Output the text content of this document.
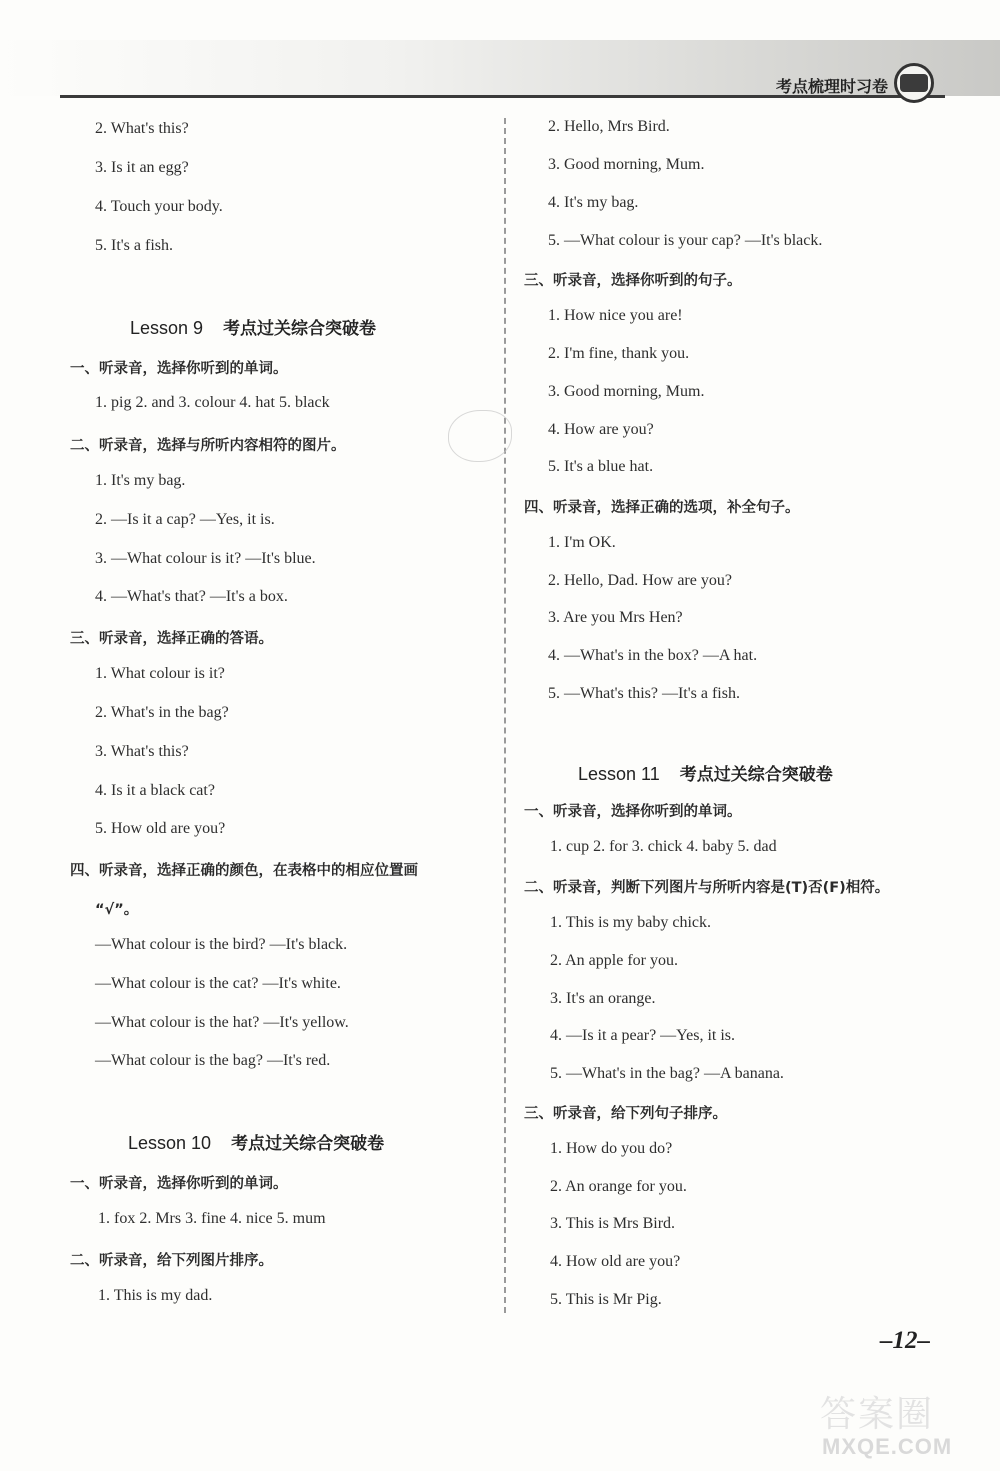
考点梳理时习卷
2. What's this?
3. Is it an egg?
4. Touch your body.
5. It's a fish.
Lesson 9 考点过关综合突破卷
一、听录音，选择你听到的单词。
1. pig 2. and 3. colour 4. hat 5. black
二、听录音，选择与所听内容相符的图片。
1. It's my bag.
2. —Is it a cap? —Yes, it is.
3. —What colour is it? —It's blue.
4. —What's that? —It's a box.
三、听录音，选择正确的答语。
1. What colour is it?
2. What's in the bag?
3. What's this?
4. Is it a black cat?
5. How old are you?
四、听录音，选择正确的颜色，在表格中的相应位置画
“√”。
—What colour is the bird? —It's black.
—What colour is the cat? —It's white.
—What colour is the hat? —It's yellow.
—What colour is the bag? —It's red.
Lesson 10 考点过关综合突破卷
一、听录音，选择你听到的单词。
1. fox 2. Mrs 3. fine 4. nice 5. mum
二、听录音，给下列图片排序。
1. This is my dad.
2. Hello, Mrs Bird.
3. Good morning, Mum.
4. It's my bag.
5. —What colour is your cap? —It's black.
三、听录音，选择你听到的句子。
1. How nice you are!
2. I'm fine, thank you.
3. Good morning, Mum.
4. How are you?
5. It's a blue hat.
四、听录音，选择正确的选项，补全句子。
1. I'm OK.
2. Hello, Dad. How are you?
3. Are you Mrs Hen?
4. —What's in the box? —A hat.
5. —What's this? —It's a fish.
Lesson 11 考点过关综合突破卷
一、听录音，选择你听到的单词。
1. cup 2. for 3. chick 4. baby 5. dad
二、听录音，判断下列图片与所听内容是(T)否(F)相符。
1. This is my baby chick.
2. An apple for you.
3. It's an orange.
4. —Is it a pear? —Yes, it is.
5. —What's in the bag? —A banana.
三、听录音，给下列句子排序。
1. How do you do?
2. An orange for you.
3. This is Mrs Bird.
4. How old are you?
5. This is Mr Pig.
–12–
答案圈
MXQE.COM
